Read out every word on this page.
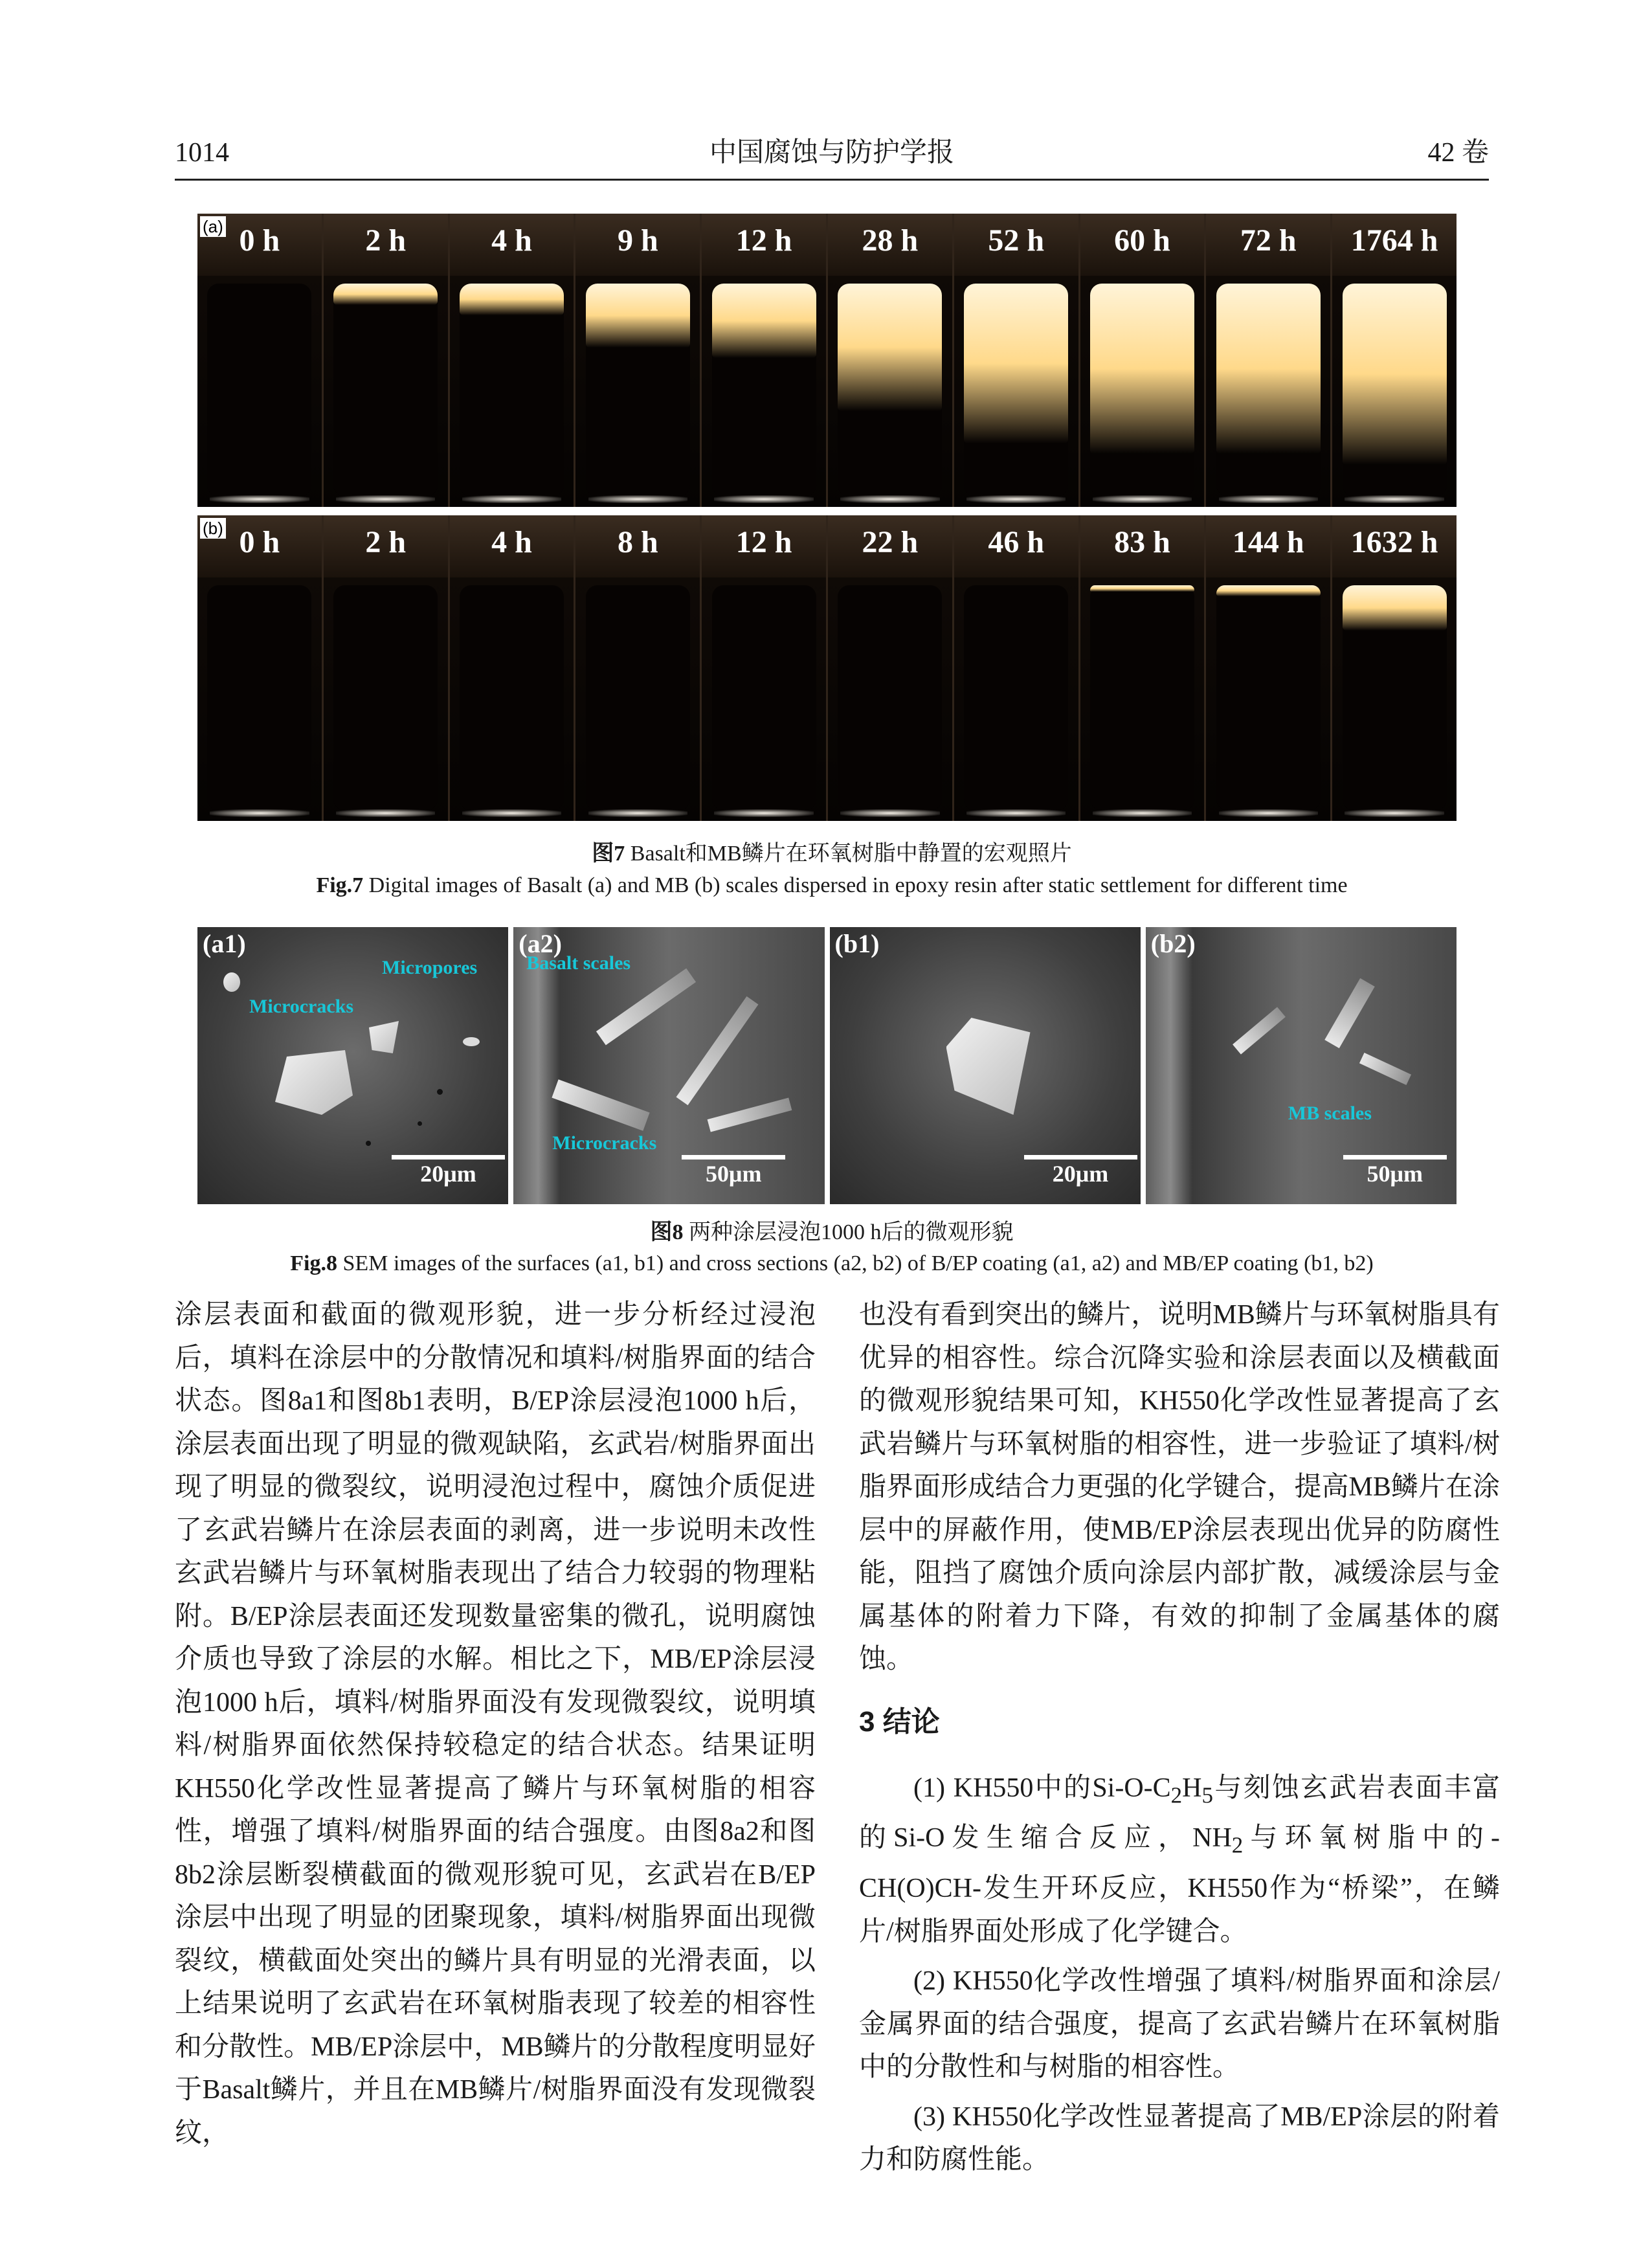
1014	中国腐蚀与防护学报	42 卷
(a) 0 h	2 h	4 h	9 h	12 h	28 h	52 h	60 h	72 h	1764 h
(b) 0 h	2 h	4 h	8 h	12 h	22 h	46 h	83 h	144 h	1632 h
图7 Basalt和MB鳞片在环氧树脂中静置的宏观照片
Fig.7 Digital images of Basalt (a) and MB (b) scales dispersed in epoxy resin after static settlement for different time
(a1)
Micropores
Microcracks
20μm
(a2)
Basalt scales
Microcracks
50μm
(b1)
20μm
(b2)
MB scales
50μm
图8 两种涂层浸泡1000 h后的微观形貌
Fig.8 SEM images of the surfaces (a1, b1) and cross sections (a2, b2) of B/EP coating (a1, a2) and MB/EP coating (b1, b2)

涂层表面和截面的微观形貌，进一步分析经过浸泡后，填料在涂层中的分散情况和填料/树脂界面的结合状态。图8a1和图8b1表明，B/EP涂层浸泡1000 h后，涂层表面出现了明显的微观缺陷，玄武岩/树脂界面出现了明显的微裂纹，说明浸泡过程中，腐蚀介质促进了玄武岩鳞片在涂层表面的剥离，进一步说明未改性玄武岩鳞片与环氧树脂表现出了结合力较弱的物理粘附。B/EP涂层表面还发现数量密集的微孔，说明腐蚀介质也导致了涂层的水解。相比之下，MB/EP涂层浸泡1000 h后，填料/树脂界面没有发现微裂纹，说明填料/树脂界面依然保持较稳定的结合状态。结果证明KH550化学改性显著提高了鳞片与环氧树脂的相容性，增强了填料/树脂界面的结合强度。由图8a2和图8b2涂层断裂横截面的微观形貌可见，玄武岩在B/EP涂层中出现了明显的团聚现象，填料/树脂界面出现微裂纹，横截面处突出的鳞片具有明显的光滑表面，以上结果说明了玄武岩在环氧树脂表现了较差的相容性和分散性。MB/EP涂层中，MB鳞片的分散程度明显好于Basalt鳞片，并且在MB鳞片/树脂界面没有发现微裂纹，

也没有看到突出的鳞片，说明MB鳞片与环氧树脂具有优异的相容性。综合沉降实验和涂层表面以及横截面的微观形貌结果可知，KH550化学改性显著提高了玄武岩鳞片与环氧树脂的相容性，进一步验证了填料/树脂界面形成结合力更强的化学键合，提高MB鳞片在涂层中的屏蔽作用，使MB/EP涂层表现出优异的防腐性能，阻挡了腐蚀介质向涂层内部扩散，减缓涂层与金属基体的附着力下降，有效的抑制了金属基体的腐蚀。

3 结论

(1) KH550中的$Si-O-C_2H_5$与刻蚀玄武岩表面丰富的Si-O发生缩合反应，$NH_2$与环氧树脂中的-CH(O)CH-发生开环反应，KH550作为“桥梁”，在鳞片/树脂界面处形成了化学键合。

(2) KH550化学改性增强了填料/树脂界面和涂层/金属界面的结合强度，提高了玄武岩鳞片在环氧树脂中的分散性和与树脂的相容性。

(3) KH550化学改性显著提高了MB/EP涂层的附着力和防腐性能。
